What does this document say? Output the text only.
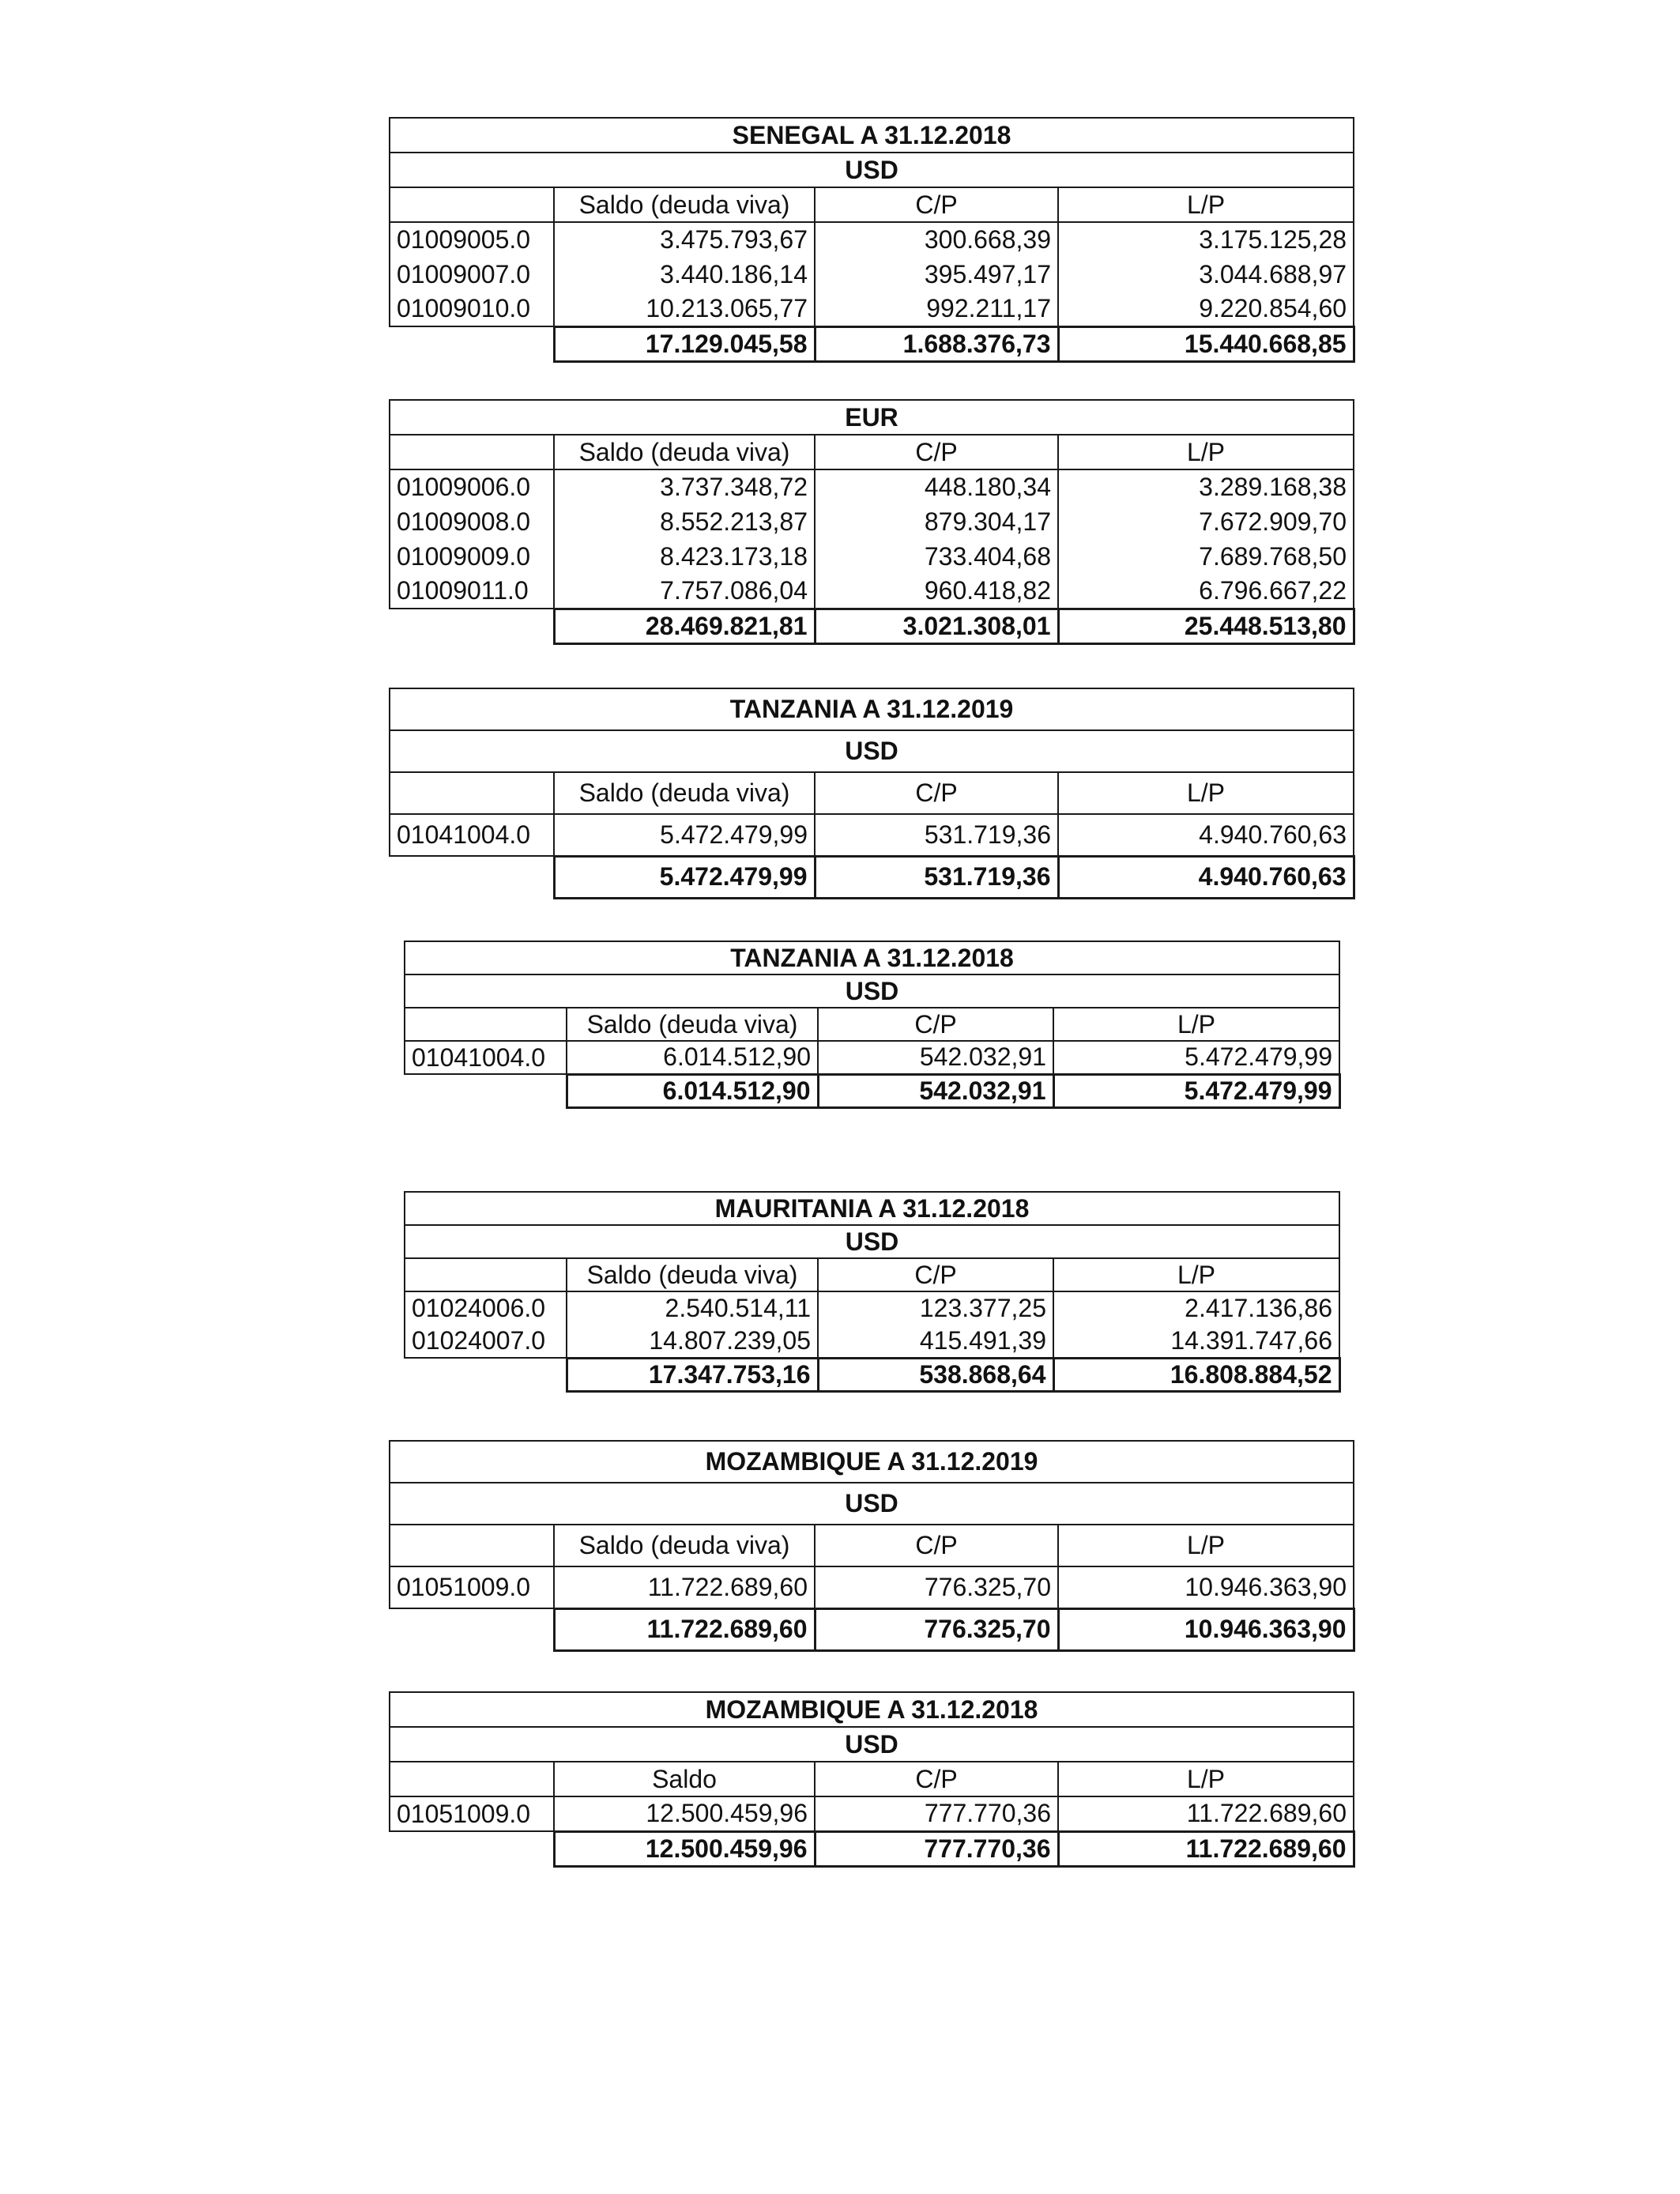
SENEGAL A 31.12.2018			
USD			
	Saldo (deuda viva)	C/P	L/P
01009005.0	3.475.793,67	300.668,39	3.175.125,28
01009007.0	3.440.186,14	395.497,17	3.044.688,97
01009010.0	10.213.065,77	992.211,17	9.220.854,60
	17.129.045,58	1.688.376,73	15.440.668,85
EUR			
	Saldo (deuda viva)	C/P	L/P
01009006.0	3.737.348,72	448.180,34	3.289.168,38
01009008.0	8.552.213,87	879.304,17	7.672.909,70
01009009.0	8.423.173,18	733.404,68	7.689.768,50
01009011.0	7.757.086,04	960.418,82	6.796.667,22
	28.469.821,81	3.021.308,01	25.448.513,80
TANZANIA A 31.12.2019			
USD			
	Saldo (deuda viva)	C/P	L/P
01041004.0	5.472.479,99	531.719,36	4.940.760,63
	5.472.479,99	531.719,36	4.940.760,63
TANZANIA A 31.12.2018			
USD			
	Saldo (deuda viva)	C/P	L/P
01041004.0	6.014.512,90	542.032,91	5.472.479,99
	6.014.512,90	542.032,91	5.472.479,99
MAURITANIA A 31.12.2018			
USD			
	Saldo (deuda viva)	C/P	L/P
01024006.0	2.540.514,11	123.377,25	2.417.136,86
01024007.0	14.807.239,05	415.491,39	14.391.747,66
	17.347.753,16	538.868,64	16.808.884,52
MOZAMBIQUE A 31.12.2019			
USD			
	Saldo (deuda viva)	C/P	L/P
01051009.0	11.722.689,60	776.325,70	10.946.363,90
	11.722.689,60	776.325,70	10.946.363,90
MOZAMBIQUE A 31.12.2018			
USD			
	Saldo	C/P	L/P
01051009.0	12.500.459,96	777.770,36	11.722.689,60
	12.500.459,96	777.770,36	11.722.689,60
